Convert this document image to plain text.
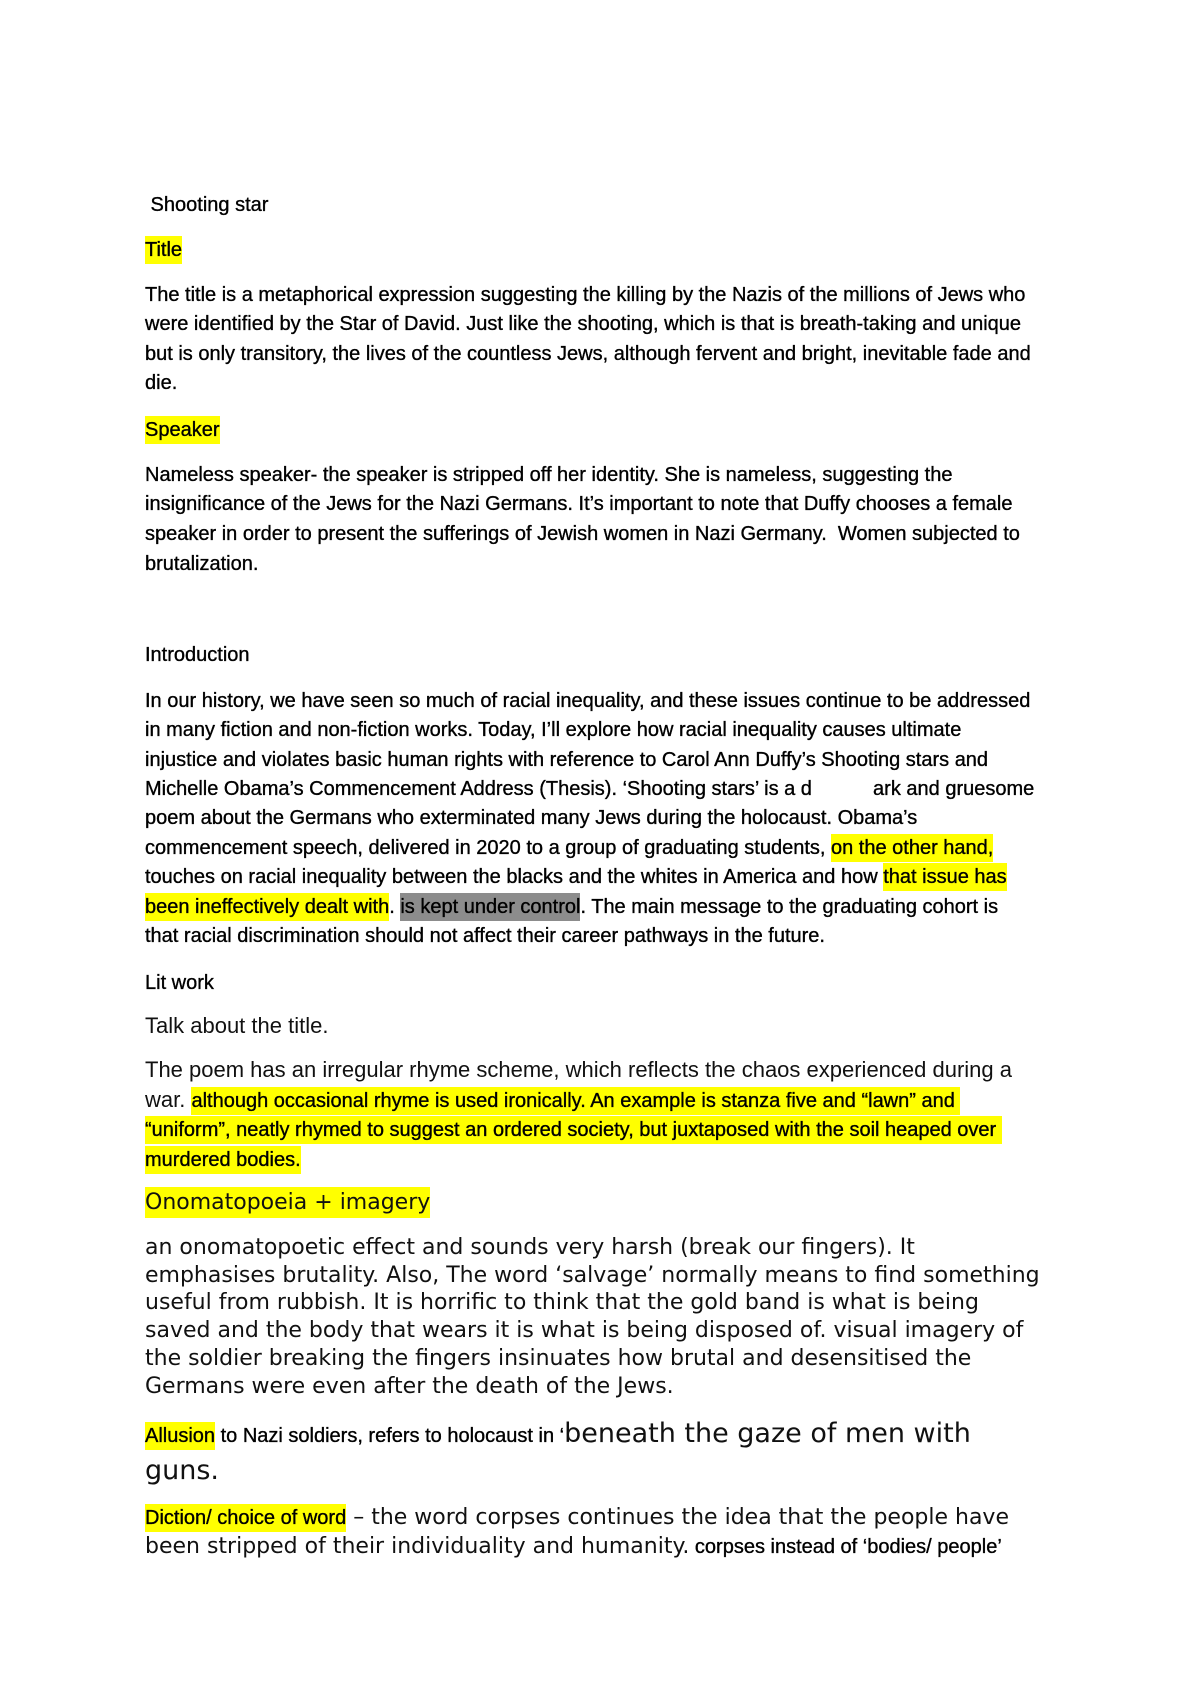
Shooting star
Title
The title is a metaphorical expression suggesting the killing by the Nazis of the millions of Jews who
were identified by the Star of David. Just like the shooting, which is that is breath-taking and unique
but is only transitory, the lives of the countless Jews, although fervent and bright, inevitable fade and
die.
Speaker
Nameless speaker- the speaker is stripped off her identity. She is nameless, suggesting the
insignificance of the Jews for the Nazi Germans. It’s important to note that Duffy chooses a female
speaker in order to present the sufferings of Jewish women in Nazi Germany.  Women subjected to
brutalization.
Introduction
In our history, we have seen so much of racial inequality, and these issues continue to be addressed
in many fiction and non-fiction works. Today, I’ll explore how racial inequality causes ultimate
injustice and violates basic human rights with reference to Carol Ann Duffy’s Shooting stars and
Michelle Obama’s Commencement Address (Thesis). ‘Shooting stars’ is a d           ark and gruesome
poem about the Germans who exterminated many Jews during the holocaust. Obama’s
commencement speech, delivered in 2020 to a group of graduating students, on the other hand,
touches on racial inequality between the blacks and the whites in America and how that issue has
been ineffectively dealt with. is kept under control. The main message to the graduating cohort is
that racial discrimination should not affect their career pathways in the future.
Lit work
Talk about the title.
The poem has an irregular rhyme scheme, which reflects the chaos experienced during a
war. although occasional rhyme is used ironically. An example is stanza five and “lawn” and
“uniform”, neatly rhymed to suggest an ordered society, but juxtaposed with the soil heaped over
murdered bodies.
Onomatopoeia + imagery
an onomatopoetic effect and sounds very harsh (break our fingers). It
emphasises brutality. Also, The word ‘salvage’ normally means to find something
useful from rubbish. It is horrific to think that the gold band is what is being
saved and the body that wears it is what is being disposed of. visual imagery of
the soldier breaking the fingers insinuates how brutal and desensitised the
Germans were even after the death of the Jews.
Allusion to Nazi soldiers, refers to holocaust in ‘beneath the gaze of men with
guns.
Diction/ choice of word – the word corpses continues the idea that the people have
been stripped of their individuality and humanity. corpses instead of ‘bodies/ people’
